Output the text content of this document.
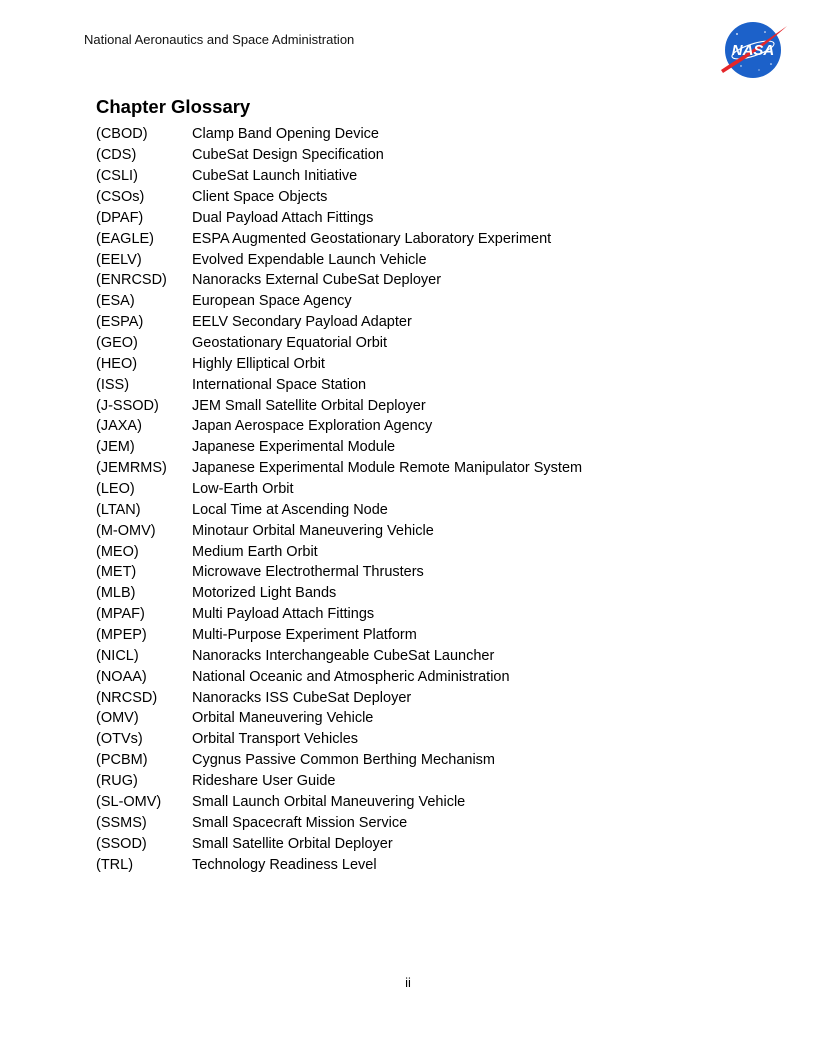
National Aeronautics and Space Administration
NASA
Chapter Glossary
(CBOD)	Clamp Band Opening Device
(CDS)	CubeSat Design Specification
(CSLI)	CubeSat Launch Initiative
(CSOs)	Client Space Objects
(DPAF)	Dual Payload Attach Fittings
(EAGLE)	ESPA Augmented Geostationary Laboratory Experiment
(EELV)	Evolved Expendable Launch Vehicle
(ENRCSD)	Nanoracks External CubeSat Deployer
(ESA)	European Space Agency
(ESPA)	EELV Secondary Payload Adapter
(GEO)	Geostationary Equatorial Orbit
(HEO)	Highly Elliptical Orbit
(ISS)	International Space Station
(J-SSOD)	JEM Small Satellite Orbital Deployer
(JAXA)	Japan Aerospace Exploration Agency
(JEM)	Japanese Experimental Module
(JEMRMS)	Japanese Experimental Module Remote Manipulator System
(LEO)	Low-Earth Orbit
(LTAN)	Local Time at Ascending Node
(M-OMV)	Minotaur Orbital Maneuvering Vehicle
(MEO)	Medium Earth Orbit
(MET)	Microwave Electrothermal Thrusters
(MLB)	Motorized Light Bands
(MPAF)	Multi Payload Attach Fittings
(MPEP)	Multi-Purpose Experiment Platform
(NICL)	Nanoracks Interchangeable CubeSat Launcher
(NOAA)	National Oceanic and Atmospheric Administration
(NRCSD)	Nanoracks ISS CubeSat Deployer
(OMV)	Orbital Maneuvering Vehicle
(OTVs)	Orbital Transport Vehicles
(PCBM)	Cygnus Passive Common Berthing Mechanism
(RUG)	Rideshare User Guide
(SL-OMV)	Small Launch Orbital Maneuvering Vehicle
(SSMS)	Small Spacecraft Mission Service
(SSOD)	Small Satellite Orbital Deployer
(TRL)	Technology Readiness Level
ii
